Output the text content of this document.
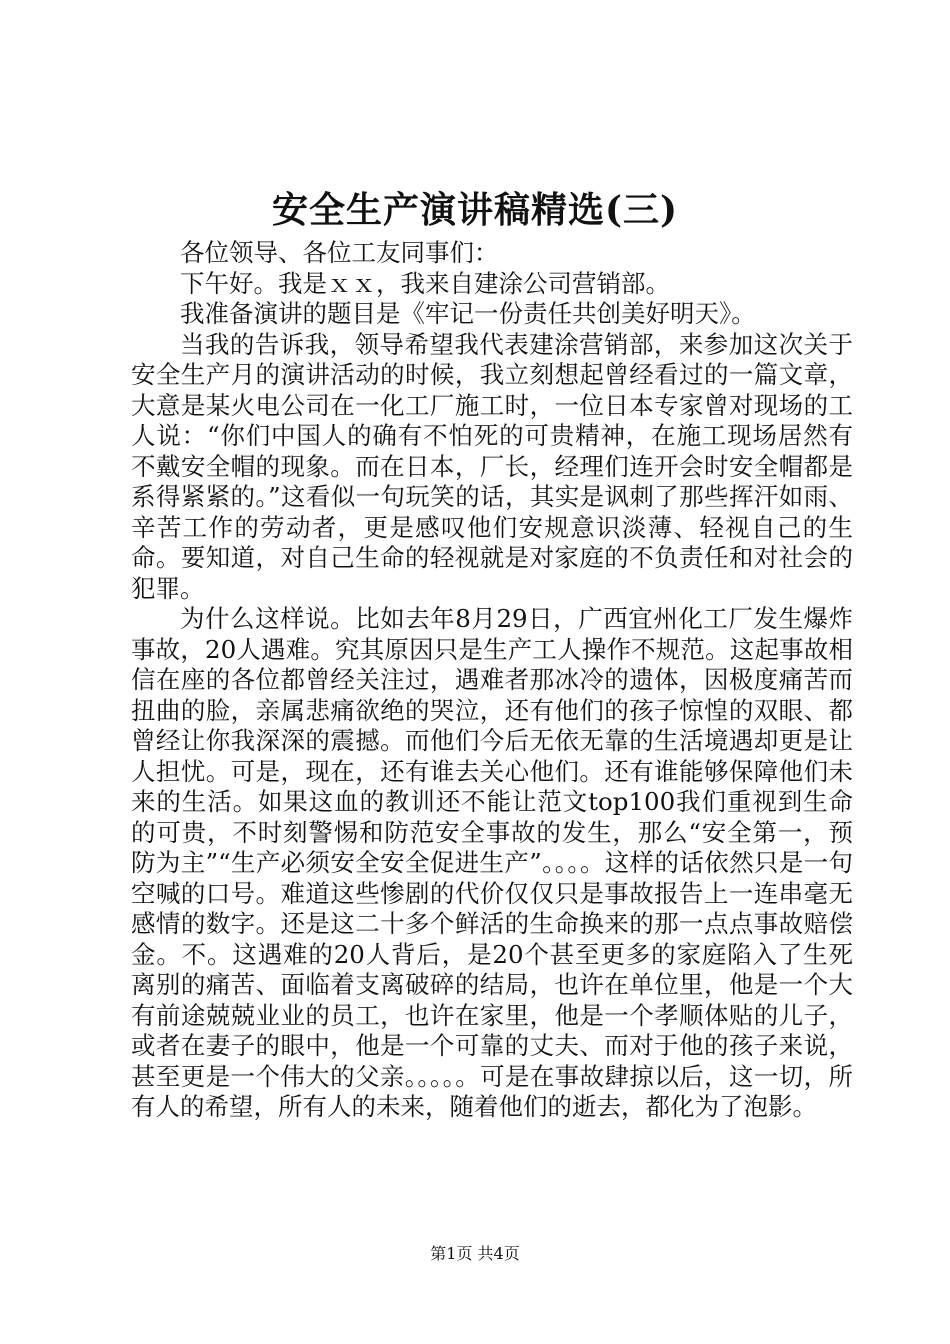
安全生产演讲稿精选(三)

各位领导、各位工友同事们：

下午好。我是ｘｘ，我来自建涂公司营销部。

我准备演讲的题目是《牢记一份责任共创美好明天》。

当我的告诉我，领导希望我代表建涂营销部，来参加这次关于安全生产月的演讲活动的时候，我立刻想起曾经看过的一篇文章，大意是某火电公司在一化工厂施工时，一位日本专家曾对现场的工人说：“你们中国人的确有不怕死的可贵精神，在施工现场居然有不戴安全帽的现象。而在日本，厂长，经理们连开会时安全帽都是系得紧紧的。”这看似一句玩笑的话，其实是讽刺了那些挥汗如雨、辛苦工作的劳动者，更是感叹他们安规意识淡薄、轻视自己的生命。要知道，对自己生命的轻视就是对家庭的不负责任和对社会的犯罪。

为什么这样说。比如去年8月29日，广西宜州化工厂发生爆炸事故，20人遇难。究其原因只是生产工人操作不规范。这起事故相信在座的各位都曾经关注过，遇难者那冰冷的遗体，因极度痛苦而扭曲的脸，亲属悲痛欲绝的哭泣，还有他们的孩子惊惶的双眼、都曾经让你我深深的震撼。而他们今后无依无靠的生活境遇却更是让人担忧。可是，现在，还有谁去关心他们。还有谁能够保障他们未来的生活。如果这血的教训还不能让范文top100我们重视到生命的可贵，不时刻警惕和防范安全事故的发生，那么“安全第一，预防为主”“生产必须安全安全促进生产”。。。。这样的话依然只是一句空喊的口号。难道这些惨剧的代价仅仅只是事故报告上一连串毫无感情的数字。还是这二十多个鲜活的生命换来的那一点点事故赔偿金。不。这遇难的20人背后，是20个甚至更多的家庭陷入了生死离别的痛苦、面临着支离破碎的结局，也许在单位里，他是一个大有前途兢兢业业的员工，也许在家里，他是一个孝顺体贴的儿子，或者在妻子的眼中，他是一个可靠的丈夫、而对于他的孩子来说，甚至更是一个伟大的父亲。。。。。可是在事故肆掠以后，这一切，所有人的希望，所有人的未来，随着他们的逝去，都化为了泡影。

第1页 共4页
